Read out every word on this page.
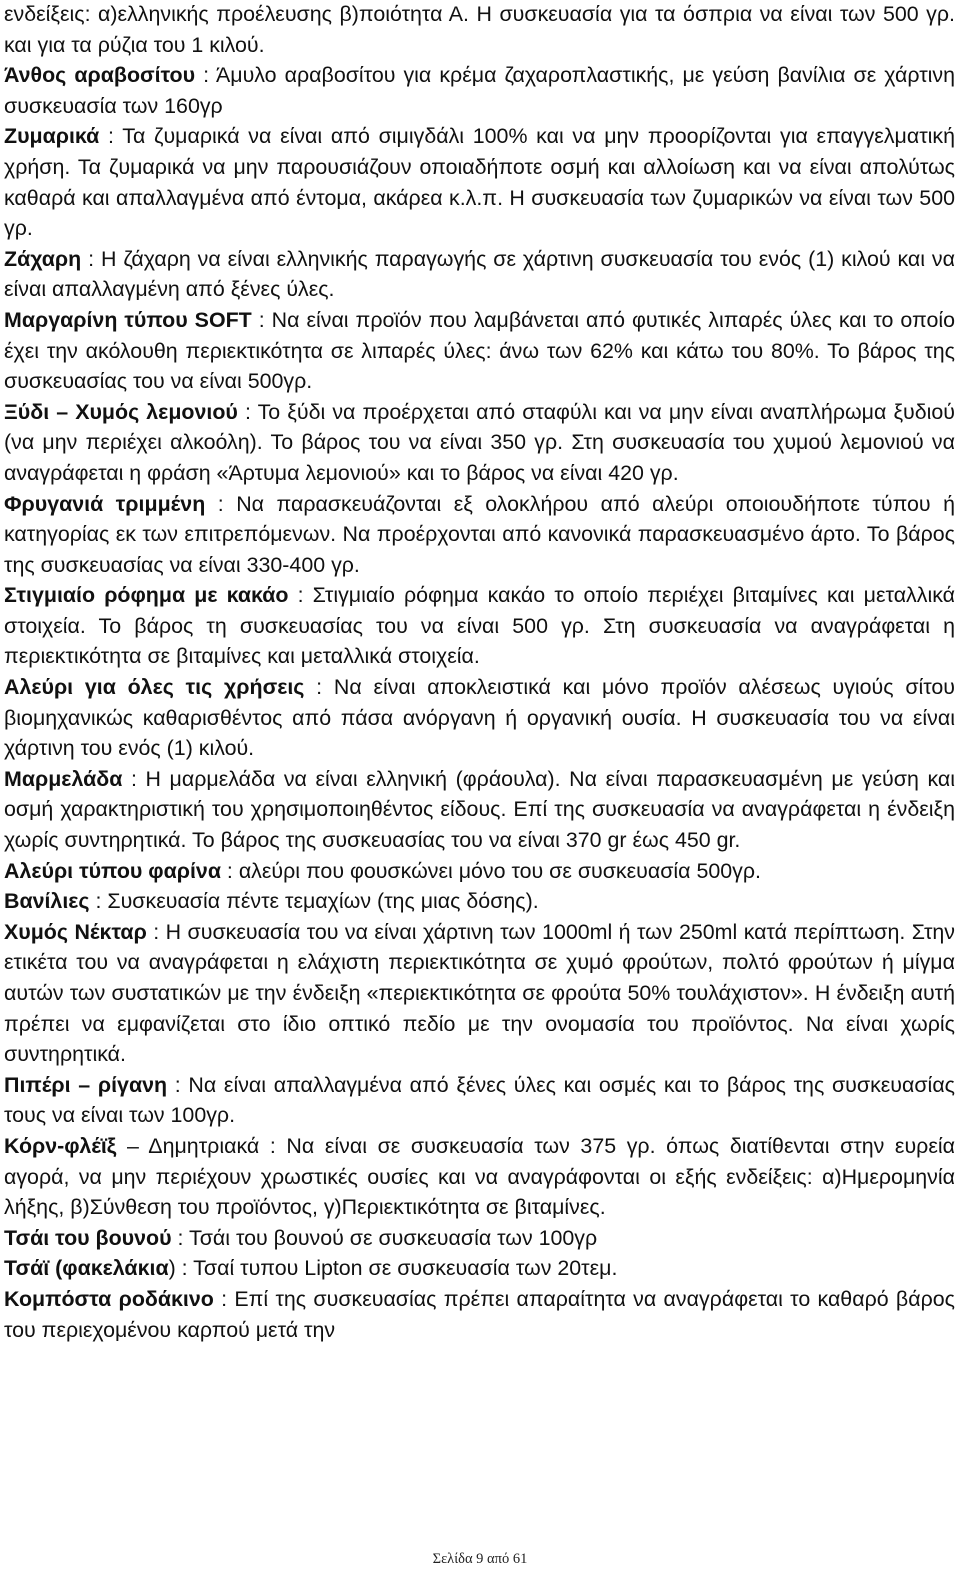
ενδείξεις: α)ελληνικής προέλευσης β)ποιότητα Α. Η συσκευασία για τα όσπρια να είναι των 500 γρ. και για τα ρύζια του 1 κιλού.

Άνθος αραβοσίτου : Άμυλο αραβοσίτου για κρέμα ζαχαροπλαστικής, με γεύση βανίλια σε χάρτινη συσκευασία των 160γρ

Ζυμαρικά : Τα ζυμαρικά να είναι από σιμιγδάλι 100% και να μην προορίζονται για επαγγελματική χρήση. Τα ζυμαρικά να μην παρουσιάζουν οποιαδήποτε οσμή και αλλοίωση και να είναι απολύτως καθαρά και απαλλαγμένα από έντομα, ακάρεα κ.λ.π. Η συσκευασία των ζυμαρικών να είναι των 500 γρ.

Ζάχαρη : Η ζάχαρη να είναι ελληνικής παραγωγής σε χάρτινη συσκευασία του ενός (1) κιλού και να είναι απαλλαγμένη από ξένες ύλες.

Μαργαρίνη τύπου SOFT : Να είναι προϊόν που λαμβάνεται από φυτικές λιπαρές ύλες και το οποίο έχει την ακόλουθη περιεκτικότητα σε λιπαρές ύλες: άνω των 62% και κάτω του 80%. Το βάρος της συσκευασίας του να είναι 500γρ.

Ξύδι – Χυμός λεμονιού : Το ξύδι να προέρχεται από σταφύλι και να μην είναι αναπλήρωμα ξυδιού (να μην περιέχει αλκοόλη). Το βάρος του να είναι 350 γρ. Στη συσκευασία του χυμού λεμονιού να αναγράφεται η φράση «Άρτυμα λεμονιού» και το βάρος να είναι 420 γρ.

Φρυγανιά τριμμένη : Να παρασκευάζονται εξ ολοκλήρου από αλεύρι οποιουδήποτε τύπου ή κατηγορίας εκ των επιτρεπόμενων. Να προέρχονται από κανονικά παρασκευασμένο άρτο. Το βάρος της συσκευασίας να είναι 330-400 γρ.

Στιγμιαίο ρόφημα με κακάο : Στιγμιαίο ρόφημα κακάο το οποίο περιέχει βιταμίνες και μεταλλικά στοιχεία. Το βάρος τη συσκευασίας του να είναι 500 γρ. Στη συσκευασία να αναγράφεται η περιεκτικότητα σε βιταμίνες και μεταλλικά στοιχεία.

Αλεύρι για όλες τις χρήσεις : Να είναι αποκλειστικά και μόνο προϊόν αλέσεως υγιούς σίτου βιομηχανικώς καθαρισθέντος από πάσα ανόργανη ή οργανική ουσία. Η συσκευασία του να είναι χάρτινη του ενός (1) κιλού.

Μαρμελάδα : Η μαρμελάδα να είναι ελληνική (φράουλα). Να είναι παρασκευασμένη με γεύση και οσμή χαρακτηριστική του χρησιμοποιηθέντος είδους. Επί της συσκευασία να αναγράφεται η ένδειξη χωρίς συντηρητικά. Το βάρος της συσκευασίας του να είναι 370 gr έως 450 gr.

Αλεύρι τύπου φαρίνα : αλεύρι που φουσκώνει μόνο του σε συσκευασία 500γρ.

Βανίλιες : Συσκευασία πέντε τεμαχίων (της μιας δόσης).

Χυμός Νέκταρ : Η συσκευασία του να είναι χάρτινη των 1000ml ή των 250ml κατά περίπτωση. Στην ετικέτα του να αναγράφεται η ελάχιστη περιεκτικότητα σε χυμό φρούτων, πολτό φρούτων ή μίγμα αυτών των συστατικών με την ένδειξη «περιεκτικότητα σε φρούτα 50% τουλάχιστον». Η ένδειξη αυτή πρέπει να εμφανίζεται στο ίδιο οπτικό πεδίο με την ονομασία του προϊόντος. Να είναι χωρίς συντηρητικά.

Πιπέρι – ρίγανη : Να είναι απαλλαγμένα από ξένες ύλες και οσμές και το βάρος της συσκευασίας τους να είναι των 100γρ.

Κόρν-φλέϊξ – Δημητριακά : Να είναι σε συσκευασία των 375 γρ. όπως διατίθενται στην ευρεία αγορά, να μην περιέχουν χρωστικές ουσίες και να αναγράφονται οι εξής ενδείξεις: α)Ημερομηνία λήξης, β)Σύνθεση του προϊόντος, γ)Περιεκτικότητα σε βιταμίνες.

Τσάι του βουνού : Τσάι του βουνού σε συσκευασία των 100γρ

Τσάϊ (φακελάκια) : Τσαί τυπου Lipton σε συσκευασία των 20τεμ.

Κομπόστα ροδάκινο : Επί της συσκευασίας πρέπει απαραίτητα να αναγράφεται το καθαρό βάρος του περιεχομένου καρπού μετά την

Σελίδα 9 από 61
